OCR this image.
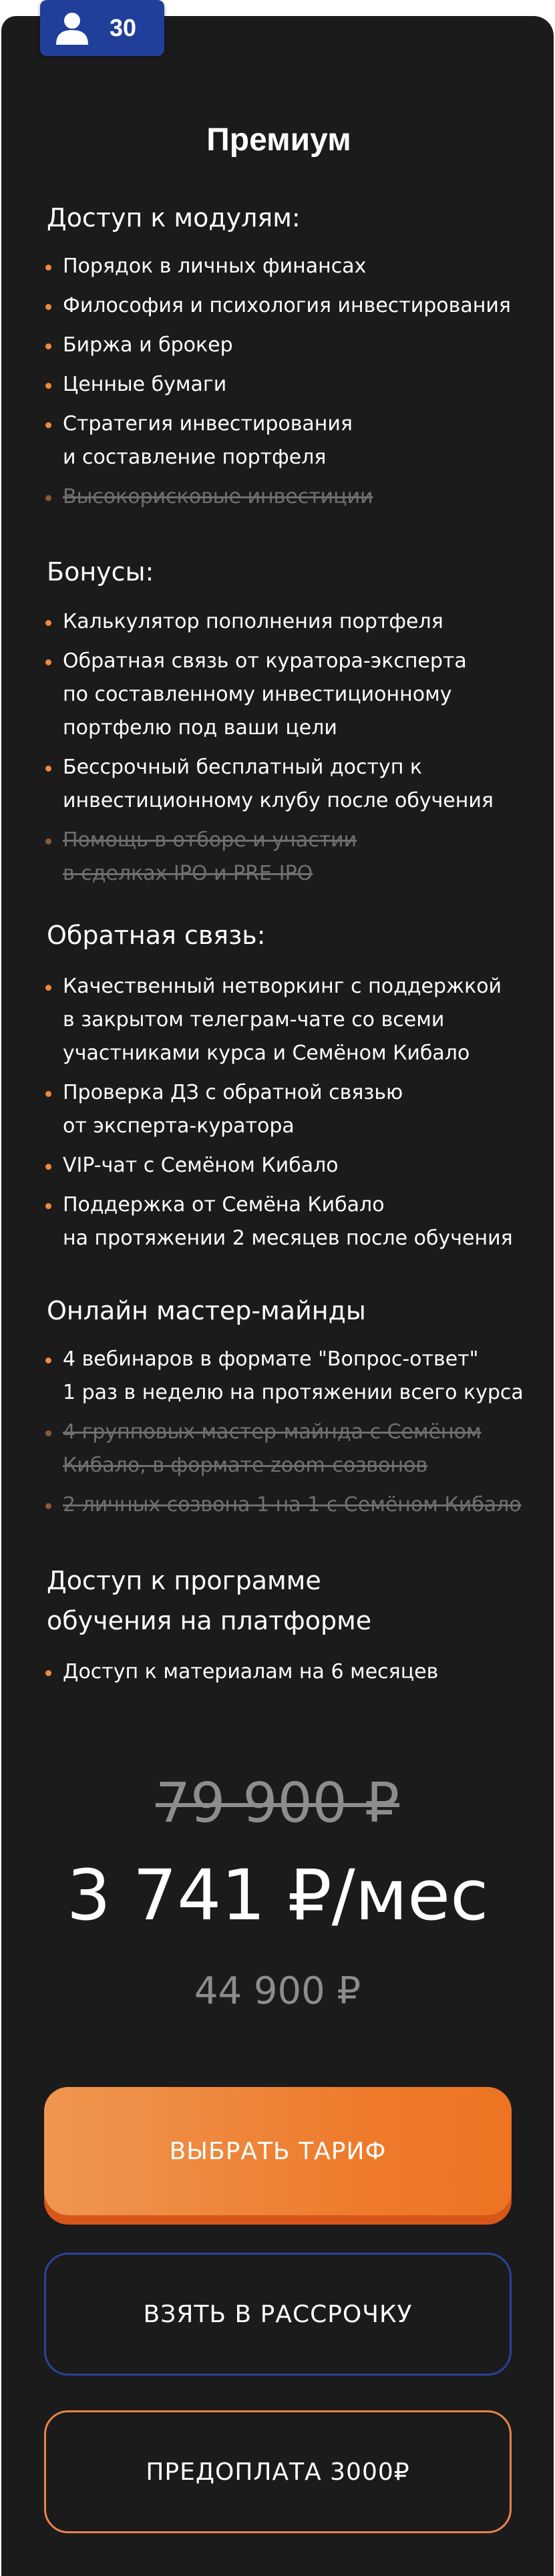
Премиум
30
Доступ к модулям:
Порядок в личных финансах
Философия и психология инвестирования
Биржа и брокер
Ценные бумаги
Стратегия инвестирования
и составление портфеля
Высокорисковые инвестиции
Бонусы:
Калькулятор пополнения портфеля
Обратная связь от куратора-эксперта
по составленному инвестиционному
портфелю под ваши цели
Бессрочный бесплатный доступ к
инвестиционному клубу после обучения
Помощь в отборе и участии
в сделках IPO и PRE-IPO
Обратная связь:
Качественный нетворкинг с поддержкой
в закрытом телеграм-чате со всеми
участниками курса и Семёном Кибало
Проверка ДЗ с обратной связью
от эксперта-куратора
VIP-чат с Семёном Кибало
Поддержка от Семёна Кибало
на протяжении 2 месяцев после обучения
Онлайн мастер-майнды
4 вебинаров в формате "Вопрос-ответ"
1 раз в неделю на протяжении всего курса
4 групповых мастер-майнда с Семёном
Кибало, в формате zoom-созвонов
2 личных созвона 1 на 1 с Семёном Кибало
Доступ к программе
обучения на платформе
Доступ к материалам на 6 месяцев
79 900 ₽
3 741 ₽/мес
44 900 ₽
ВЫБРАТЬ ТАРИФ
ВЗЯТЬ В РАССРОЧКУ
ПРЕДОПЛАТА 3000₽
